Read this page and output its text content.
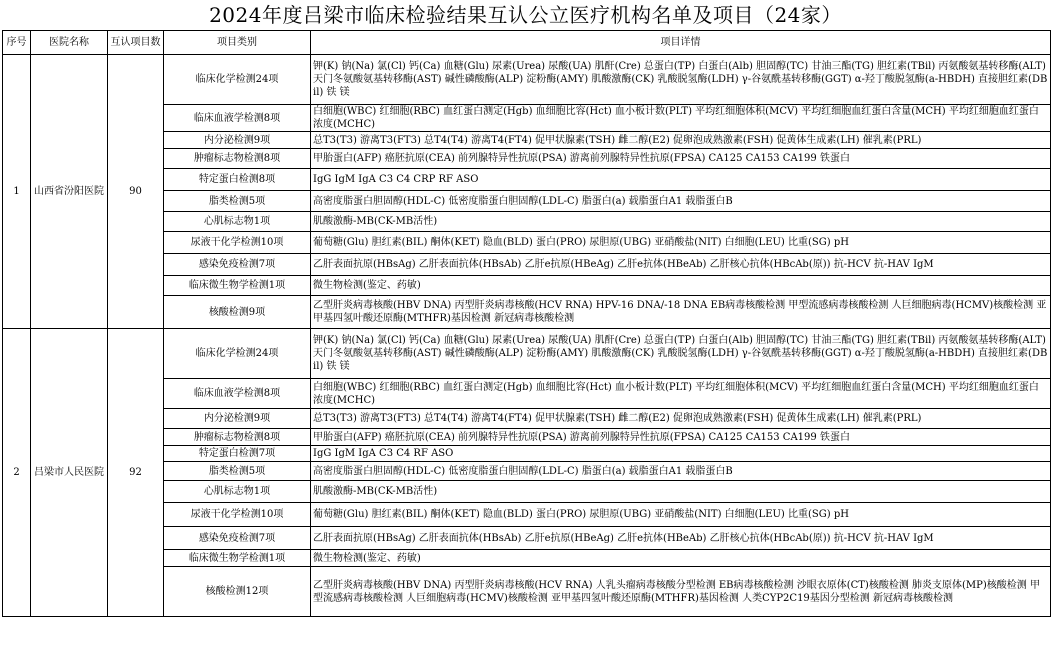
2024年度吕梁市临床检验结果互认公立医疗机构名单及项目（24家）
序号	医院名称	互认项目数	项目类别	项目详情
1	山西省汾阳医院	90	临床化学检测24项	钾(K) 钠(Na) 氯(Cl) 钙(Ca) 血糖(Glu) 尿素(Urea) 尿酸(UA) 肌酐(Cre) 总蛋白(TP) 白蛋白(Alb) 胆固醇(TC) 甘油三酯(TG) 胆红素(TBil) 丙氨酸氨基转移酶(ALT) 天门冬氨酸氨基转移酶(AST) 碱性磷酸酶(ALP) 淀粉酶(AMY) 肌酸激酶(CK) 乳酸脱氢酶(LDH) γ-谷氨酰基转移酶(GGT) α-羟丁酸脱氢酶(a-HBDH) 直接胆红素(DBil) 铁 镁
			临床血液学检测8项	白细胞(WBC) 红细胞(RBC) 血红蛋白测定(Hgb) 血细胞比容(Hct) 血小板计数(PLT) 平均红细胞体积(MCV) 平均红细胞血红蛋白含量(MCH) 平均红细胞血红蛋白浓度(MCHC)
			内分泌检测9项	总T3(T3) 游离T3(FT3) 总T4(T4) 游离T4(FT4) 促甲状腺素(TSH) 雌二醇(E2) 促卵泡成熟激素(FSH) 促黄体生成素(LH) 催乳素(PRL)
			肿瘤标志物检测8项	甲胎蛋白(AFP) 癌胚抗原(CEA) 前列腺特异性抗原(PSA) 游离前列腺特异性抗原(FPSA) CA125 CA153 CA199 铁蛋白
			特定蛋白检测8项	IgG IgM IgA C3 C4 CRP RF ASO
			脂类检测5项	高密度脂蛋白胆固醇(HDL-C) 低密度脂蛋白胆固醇(LDL-C) 脂蛋白(a) 载脂蛋白A1 载脂蛋白B
			心肌标志物1项	肌酸激酶-MB(CK-MB活性)
			尿液干化学检测10项	葡萄糖(Glu) 胆红素(BIL) 酮体(KET) 隐血(BLD) 蛋白(PRO) 尿胆原(UBG) 亚硝酸盐(NIT) 白细胞(LEU) 比重(SG) pH
			感染免疫检测7项	乙肝表面抗原(HBsAg) 乙肝表面抗体(HBsAb) 乙肝e抗原(HBeAg) 乙肝e抗体(HBeAb) 乙肝核心抗体(HBcAb(原)) 抗-HCV 抗-HAV IgM
			临床微生物学检测1项	微生物检测(鉴定、药敏)
			核酸检测9项	乙型肝炎病毒核酸(HBV DNA) 丙型肝炎病毒核酸(HCV RNA) HPV-16 DNA/-18 DNA EB病毒核酸检测 甲型流感病毒核酸检测 人巨细胞病毒(HCMV)核酸检测 亚甲基四氢叶酸还原酶(MTHFR)基因检测 新冠病毒核酸检测
2	吕梁市人民医院	92	临床化学检测24项	钾(K) 钠(Na) 氯(Cl) 钙(Ca) 血糖(Glu) 尿素(Urea) 尿酸(UA) 肌酐(Cre) 总蛋白(TP) 白蛋白(Alb) 胆固醇(TC) 甘油三酯(TG) 胆红素(TBil) 丙氨酸氨基转移酶(ALT) 天门冬氨酸氨基转移酶(AST) 碱性磷酸酶(ALP) 淀粉酶(AMY) 肌酸激酶(CK) 乳酸脱氢酶(LDH) γ-谷氨酰基转移酶(GGT) α-羟丁酸脱氢酶(a-HBDH) 直接胆红素(DBil) 铁 镁
			临床血液学检测8项	白细胞(WBC) 红细胞(RBC) 血红蛋白测定(Hgb) 血细胞比容(Hct) 血小板计数(PLT) 平均红细胞体积(MCV) 平均红细胞血红蛋白含量(MCH) 平均红细胞血红蛋白浓度(MCHC)
			内分泌检测9项	总T3(T3) 游离T3(FT3) 总T4(T4) 游离T4(FT4) 促甲状腺素(TSH) 雌二醇(E2) 促卵泡成熟激素(FSH) 促黄体生成素(LH) 催乳素(PRL)
			肿瘤标志物检测8项	甲胎蛋白(AFP) 癌胚抗原(CEA) 前列腺特异性抗原(PSA) 游离前列腺特异性抗原(FPSA) CA125 CA153 CA199 铁蛋白
			特定蛋白检测7项	IgG IgM IgA C3 C4 RF ASO
			脂类检测5项	高密度脂蛋白胆固醇(HDL-C) 低密度脂蛋白胆固醇(LDL-C) 脂蛋白(a) 载脂蛋白A1 载脂蛋白B
			心肌标志物1项	肌酸激酶-MB(CK-MB活性)
			尿液干化学检测10项	葡萄糖(Glu) 胆红素(BIL) 酮体(KET) 隐血(BLD) 蛋白(PRO) 尿胆原(UBG) 亚硝酸盐(NIT) 白细胞(LEU) 比重(SG) pH
			感染免疫检测7项	乙肝表面抗原(HBsAg) 乙肝表面抗体(HBsAb) 乙肝e抗原(HBeAg) 乙肝e抗体(HBeAb) 乙肝核心抗体(HBcAb(原)) 抗-HCV 抗-HAV IgM
			临床微生物学检测1项	微生物检测(鉴定、药敏)
			核酸检测12项	乙型肝炎病毒核酸(HBV DNA) 丙型肝炎病毒核酸(HCV RNA) 人乳头瘤病毒核酸分型检测 EB病毒核酸检测 沙眼衣原体(CT)核酸检测 肺炎支原体(MP)核酸检测 甲型流感病毒核酸检测 人巨细胞病毒(HCMV)核酸检测 亚甲基四氢叶酸还原酶(MTHFR)基因检测 人类CYP2C19基因分型检测 新冠病毒核酸检测
